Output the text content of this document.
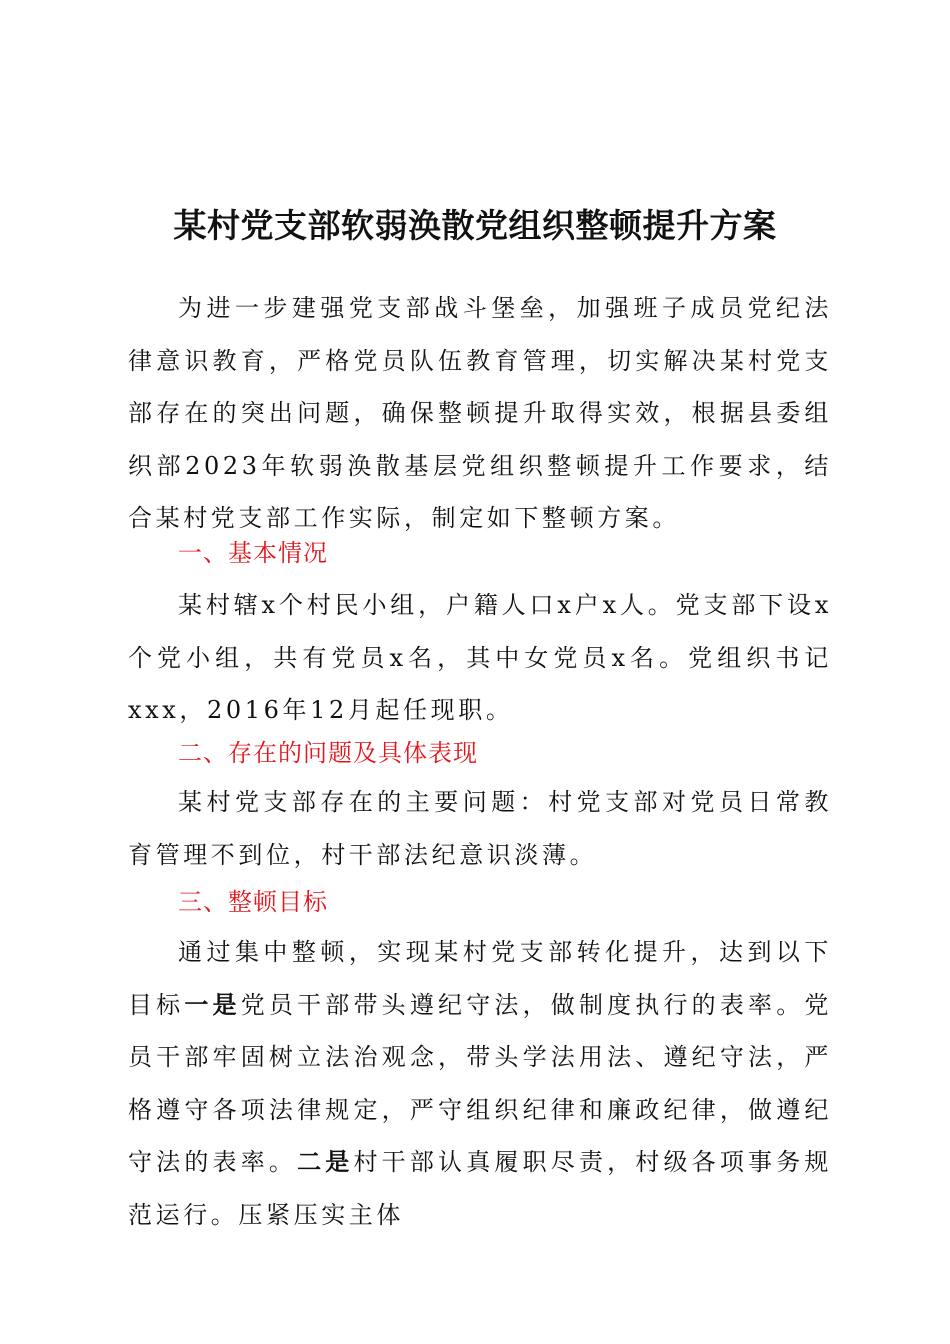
某村党支部软弱涣散党组织整顿提升方案
为进一步建强党支部战斗堡垒，加强班子成员党纪法律意识教育，严格党员队伍教育管理，切实解决某村党支部存在的突出问题，确保整顿提升取得实效，根据县委组织部2023年软弱涣散基层党组织整顿提升工作要求，结合某村党支部工作实际，制定如下整顿方案。
一、基本情况
某村辖x个村民小组，户籍人口x户x人。党支部下设x个党小组，共有党员x名，其中女党员x名。党组织书记xxx，2016年12月起任现职。
二、存在的问题及具体表现
某村党支部存在的主要问题：村党支部对党员日常教育管理不到位，村干部法纪意识淡薄。
三、整顿目标
通过集中整顿，实现某村党支部转化提升，达到以下目标一是党员干部带头遵纪守法，做制度执行的表率。党员干部牢固树立法治观念，带头学法用法、遵纪守法，严格遵守各项法律规定，严守组织纪律和廉政纪律，做遵纪守法的表率。二是村干部认真履职尽责，村级各项事务规范运行。压紧压实主体
